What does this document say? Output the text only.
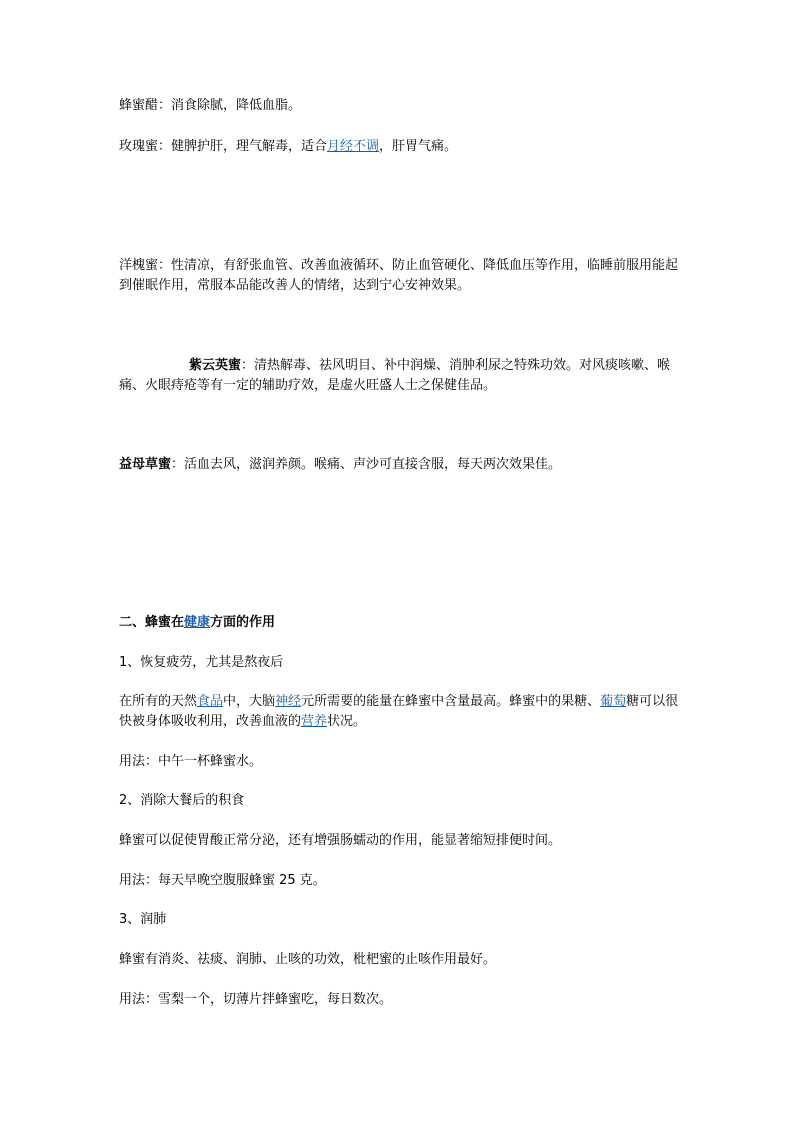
蜂蜜醋：消食除腻，降低血脂。

玫瑰蜜：健脾护肝，理气解毒，适合月经不调，肝胃气痛。

洋槐蜜：性清凉，有舒张血管、改善血液循环、防止血管硬化、降低血压等作用，临睡前服用能起到催眠作用，常服本品能改善人的情绪，达到宁心安神效果。

紫云英蜜：清热解毒、祛风明目、补中润燥、消肿利尿之特殊功效。对风痰咳嗽、喉痛、火眼痔疮等有一定的辅助疗效，是虚火旺盛人士之保健佳品。

益母草蜜：活血去风，滋润养颜。喉痛、声沙可直接含服，每天两次效果佳。

二、蜂蜜在健康方面的作用

1、恢复疲劳，尤其是熬夜后

在所有的天然食品中，大脑神经元所需要的能量在蜂蜜中含量最高。蜂蜜中的果糖、葡萄糖可以很快被身体吸收利用，改善血液的营养状况。

用法：中午一杯蜂蜜水。

2、消除大餐后的积食

蜂蜜可以促使胃酸正常分泌，还有增强肠蠕动的作用，能显著缩短排便时间。

用法：每天早晚空腹服蜂蜜 25 克。

3、润肺

蜂蜜有消炎、祛痰、润肺、止咳的功效，枇杷蜜的止咳作用最好。

用法：雪梨一个，切薄片拌蜂蜜吃，每日数次。
